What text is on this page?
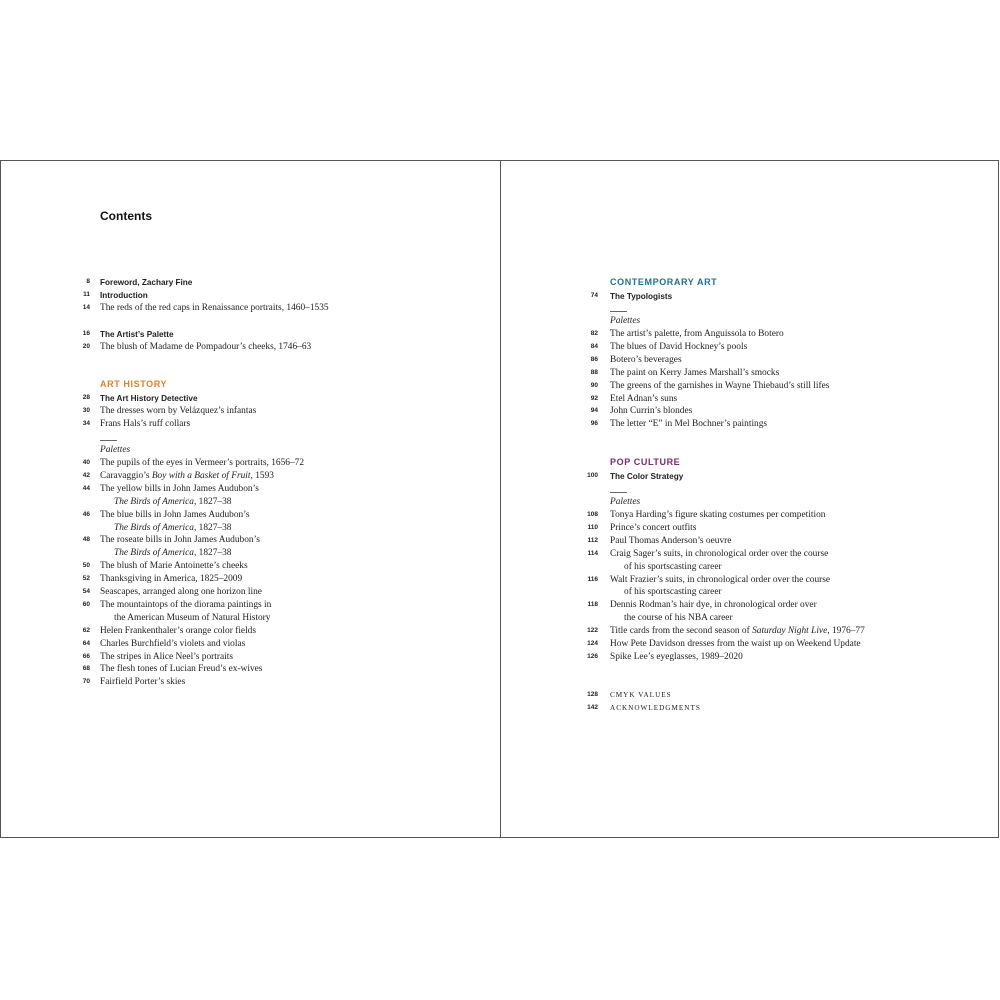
Contents
8 Foreword, Zachary Fine
11 Introduction
14 The reds of the red caps in Renaissance portraits, 1460–1535
16 The Artist’s Palette
20 The blush of Madame de Pompadour’s cheeks, 1746–63
ART HISTORY
28 The Art History Detective
30 The dresses worn by Velázquez’s infantas
34 Frans Hals’s ruff collars
Palettes
40 The pupils of the eyes in Vermeer’s portraits, 1656–72
42 Caravaggio’s Boy with a Basket of Fruit, 1593
44 The yellow bills in John James Audubon’s
The Birds of America, 1827–38
46 The blue bills in John James Audubon’s
The Birds of America, 1827–38
48 The roseate bills in John James Audubon’s
The Birds of America, 1827–38
50 The blush of Marie Antoinette’s cheeks
52 Thanksgiving in America, 1825–2009
54 Seascapes, arranged along one horizon line
60 The mountaintops of the diorama paintings in
the American Museum of Natural History
62 Helen Frankenthaler’s orange color fields
64 Charles Burchfield’s violets and violas
66 The stripes in Alice Neel’s portraits
68 The flesh tones of Lucian Freud’s ex-wives
70 Fairfield Porter’s skies
CONTEMPORARY ART
74 The Typologists
Palettes
82 The artist’s palette, from Anguissola to Botero
84 The blues of David Hockney’s pools
86 Botero’s beverages
88 The paint on Kerry James Marshall’s smocks
90 The greens of the garnishes in Wayne Thiebaud’s still lifes
92 Etel Adnan’s suns
94 John Currin’s blondes
96 The letter “E” in Mel Bochner’s paintings
POP CULTURE
100 The Color Strategy
Palettes
108 Tonya Harding’s figure skating costumes per competition
110 Prince’s concert outfits
112 Paul Thomas Anderson’s oeuvre
114 Craig Sager’s suits, in chronological order over the course
of his sportscasting career
116 Walt Frazier’s suits, in chronological order over the course
of his sportscasting career
118 Dennis Rodman’s hair dye, in chronological order over
the course of his NBA career
122 Title cards from the second season of Saturday Night Live, 1976–77
124 How Pete Davidson dresses from the waist up on Weekend Update
126 Spike Lee’s eyeglasses, 1989–2020
128 CMYK VALUES
142 ACKNOWLEDGMENTS
